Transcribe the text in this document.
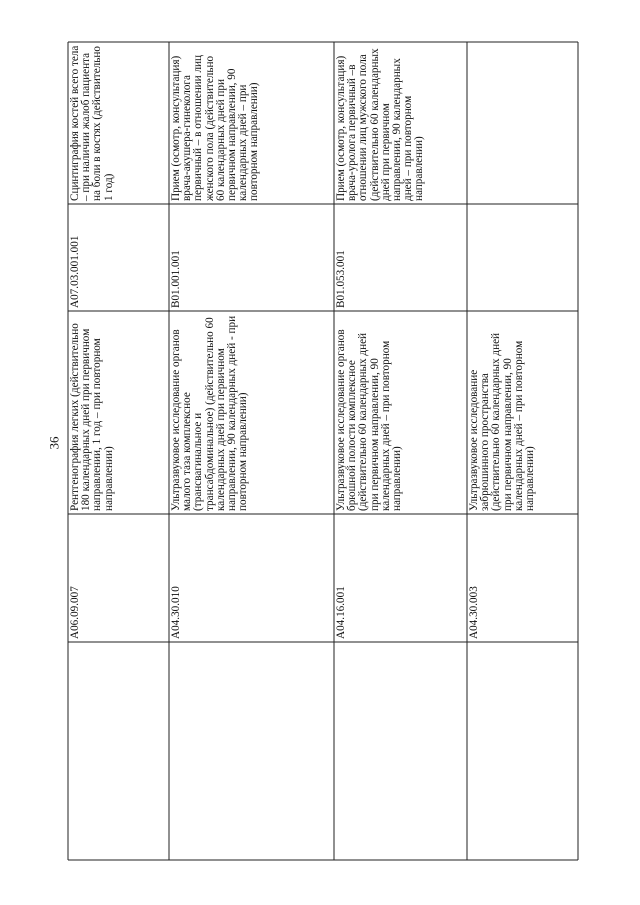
36
Сцинтиграфия костей всего тела – при наличии жалоб пациента на боли в костях (действительно 1 год)
A07.03.001.001
Рентгенография легких (действительно 180 календарных дней при первичном направлении, 1 год – при повторном направлении)
A06.09.007
Прием (осмотр, консультация) врача-акушера-гинеколога первичный – в отношении лиц женского пола (действительно 60 календарных дней при первичном направлении, 90 календарных дней – при повторном направлении)
B01.001.001
Ультразвуковое исследование органов малого таза комплексное (трансвагинальное и трансабдоминальное) (действительно 60 календарных дней при первичном направлении, 90 календарных дней - при повторном направлении)
A04.30.010
Прием (осмотр, консультация) врача-уролога первичный –в отношении лиц мужского пола (действительно 60 календарных дней при первичном направлении, 90 календарных дней – при повторном направлении)
B01.053.001
Ультразвуковое исследование органов брюшной полости комплексное (действительно 60 календарных дней при первичном направлении, 90 календарных дней – при повторном направлении)
A04.16.001
Ультразвуковое исследование забрюшинного пространства (действительно 60 календарных дней при первичном направлении, 90 календарных дней – при повторном направлении)
A04.30.003
